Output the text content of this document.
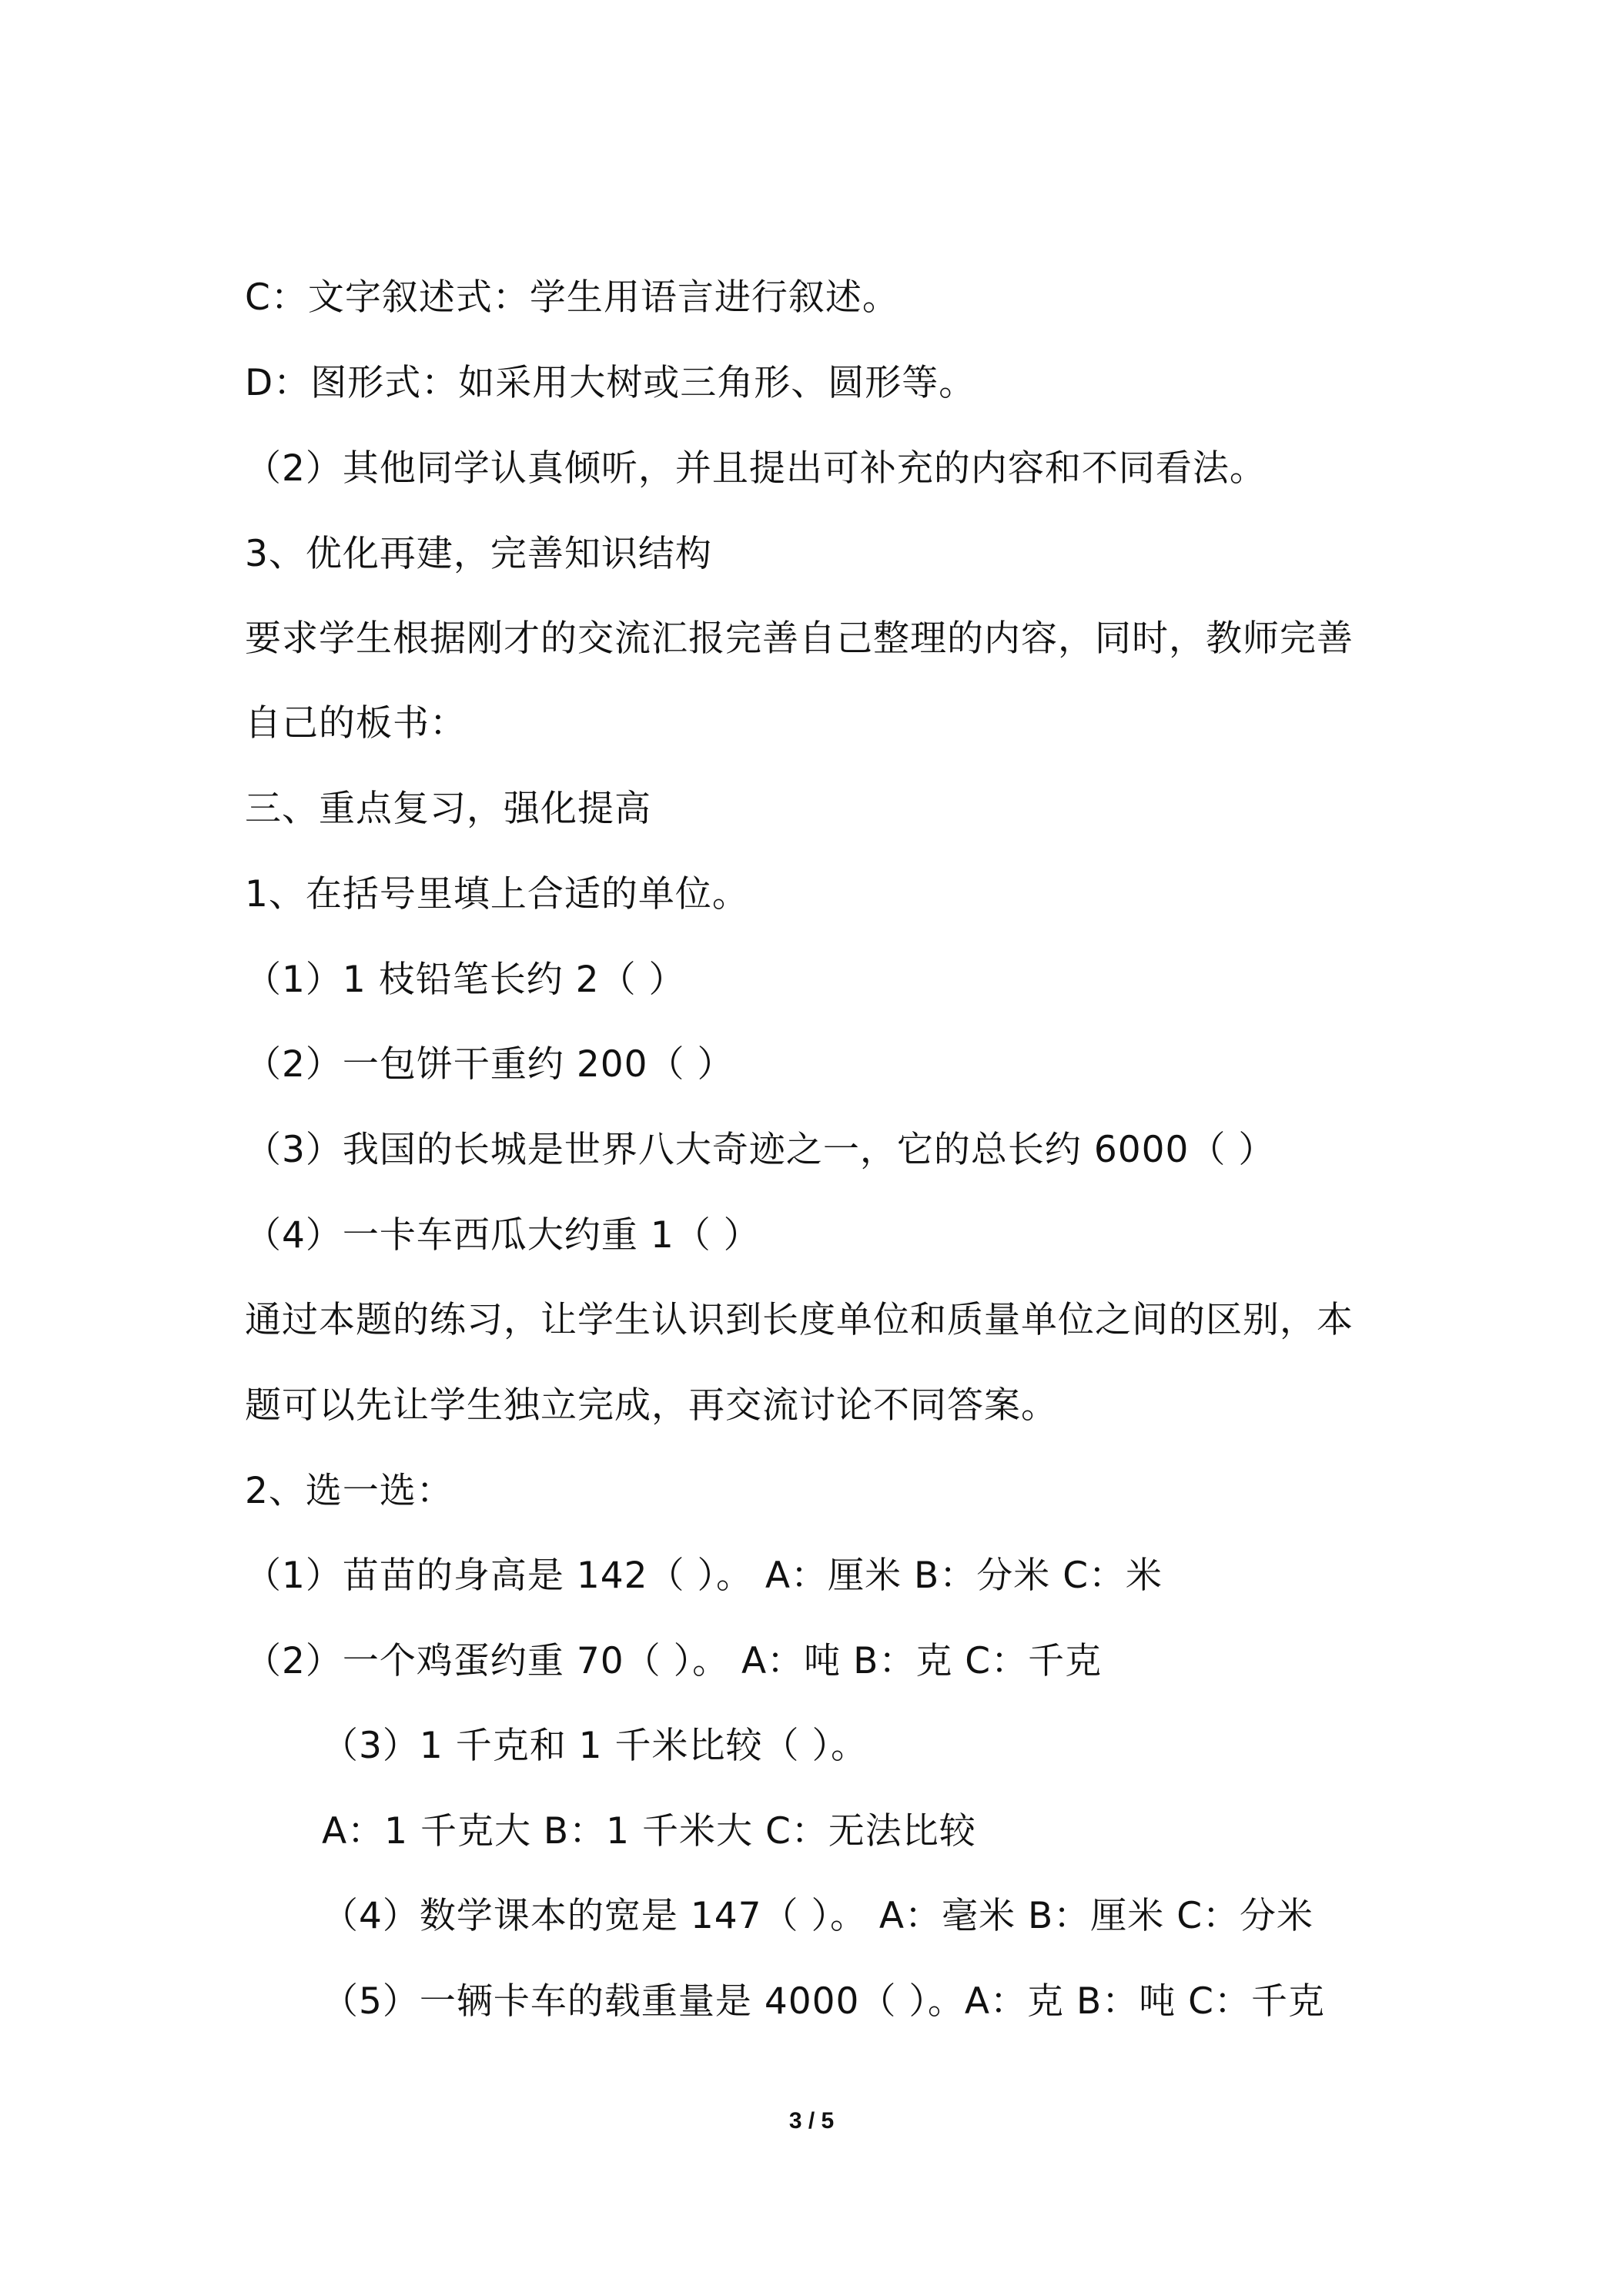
C：文字叙述式：学生用语言进行叙述。
D：图形式：如采用大树或三角形、圆形等。
（2）其他同学认真倾听，并且提出可补充的内容和不同看法。
3、优化再建，完善知识结构
要求学生根据刚才的交流汇报完善自己整理的内容，同时，教师完善
自己的板书：
三、重点复习，强化提高
1、在括号里填上合适的单位。
（1）1 枝铅笔长约 2（ ）
（2）一包饼干重约 200（ ）
（3）我国的长城是世界八大奇迹之一，它的总长约 6000（ ）
（4）一卡车西瓜大约重 1（ ）
通过本题的练习，让学生认识到长度单位和质量单位之间的区别，本
题可以先让学生独立完成，再交流讨论不同答案。
2、选一选：
（1）苗苗的身高是 142（ ）。 A：厘米 B：分米 C：米
（2）一个鸡蛋约重 70（ ）。 A：吨 B：克 C：千克
（3）1 千克和 1 千米比较（ ）。
A：1 千克大 B：1 千米大 C：无法比较
（4）数学课本的宽是 147（ ）。 A：毫米 B：厘米 C：分米
（5）一辆卡车的载重量是 4000（ ）。A：克 B：吨 C：千克
3 / 5
